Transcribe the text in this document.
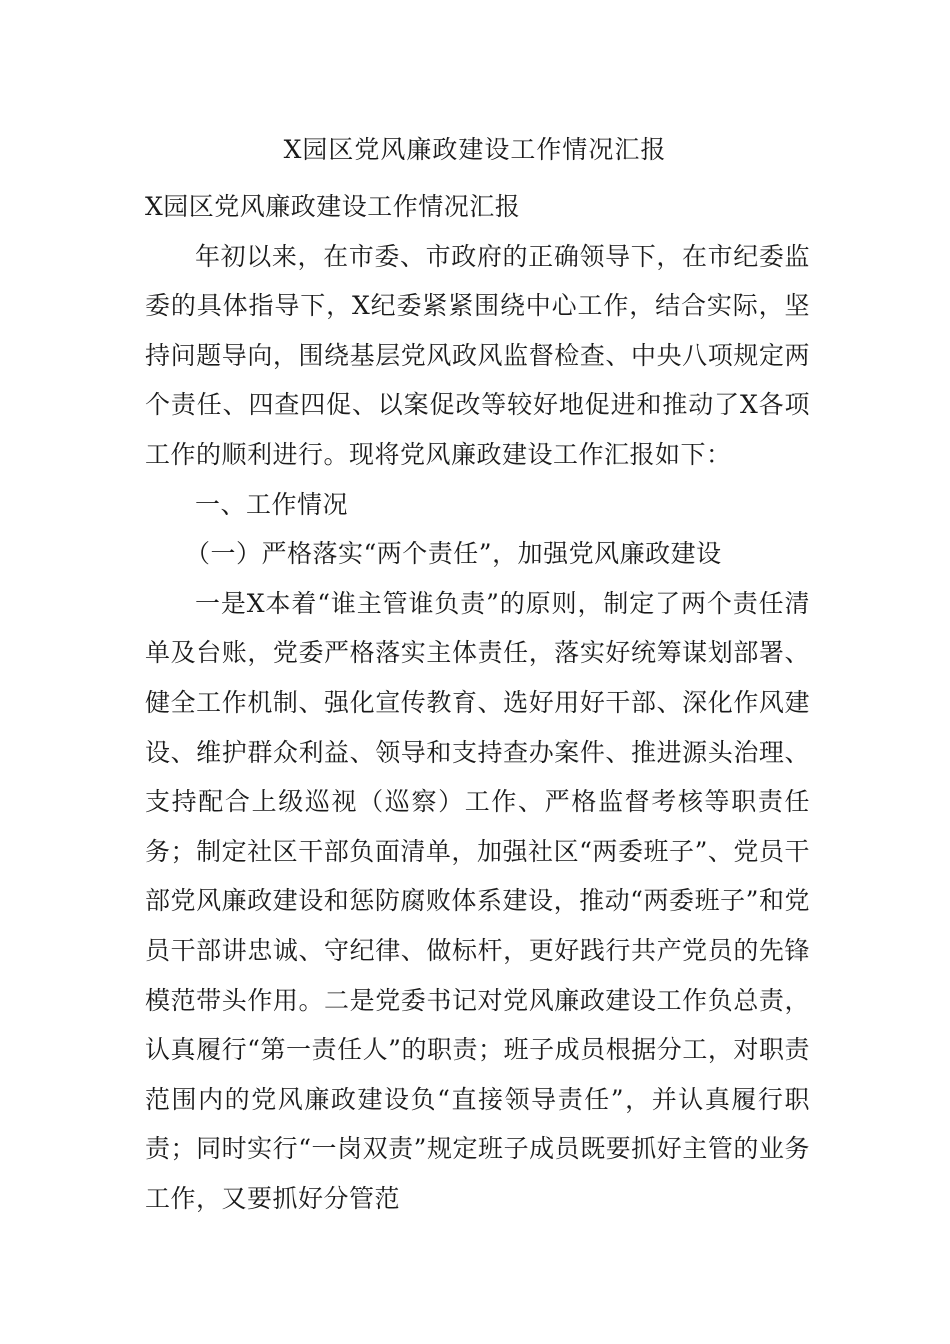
X园区党风廉政建设工作情况汇报

X园区党风廉政建设工作情况汇报

年初以来，在市委、市政府的正确领导下，在市纪委监委的具体指导下，X纪委紧紧围绕中心工作，结合实际，坚持问题导向，围绕基层党风政风监督检查、中央八项规定两个责任、四查四促、以案促改等较好地促进和推动了X各项工作的顺利进行。现将党风廉政建设工作汇报如下：

一、工作情况

（一）严格落实“两个责任”，加强党风廉政建设

一是X本着“谁主管谁负责”的原则，制定了两个责任清单及台账，党委严格落实主体责任，落实好统筹谋划部署、健全工作机制、强化宣传教育、选好用好干部、深化作风建设、维护群众利益、领导和支持查办案件、推进源头治理、支持配合上级巡视（巡察）工作、严格监督考核等职责任务；制定社区干部负面清单，加强社区“两委班子”、党员干部党风廉政建设和惩防腐败体系建设，推动“两委班子”和党员干部讲忠诚、守纪律、做标杆，更好践行共产党员的先锋模范带头作用。二是党委书记对党风廉政建设工作负总责，认真履行“第一责任人”的职责；班子成员根据分工，对职责范围内的党风廉政建设负“直接领导责任”，并认真履行职责；同时实行“一岗双责”规定班子成员既要抓好主管的业务工作，又要抓好分管范
